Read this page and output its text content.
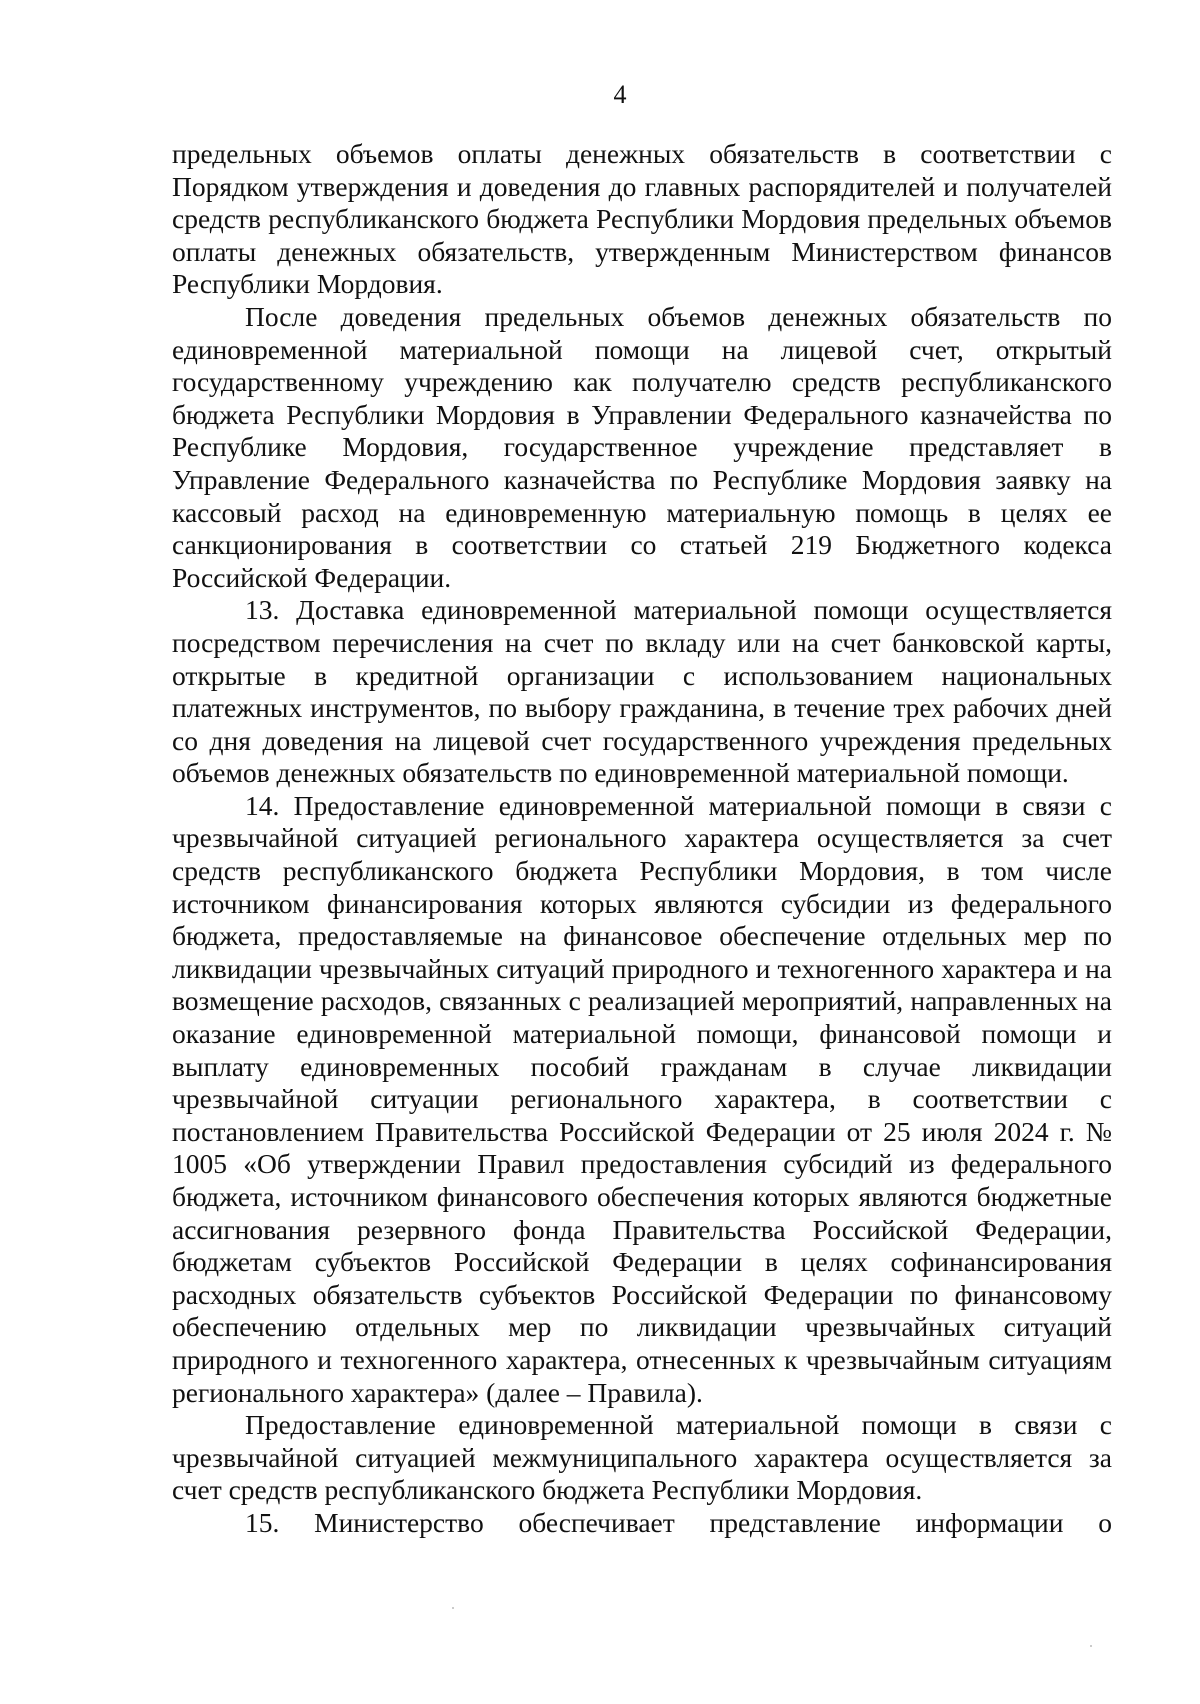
4

предельных объемов оплаты денежных обязательств в соответствии с Порядком утверждения и доведения до главных распорядителей и получателей средств республиканского бюджета Республики Мордовия предельных объемов оплаты денежных обязательств, утвержденным Министерством финансов Республики Мордовия.

После доведения предельных объемов денежных обязательств по единовременной материальной помощи на лицевой счет, открытый государственному учреждению как получателю средств республиканского бюджета Республики Мордовия в Управлении Федерального казначейства по Республике Мордовия, государственное учреждение представляет в Управление Федерального казначейства по Республике Мордовия заявку на кассовый расход на единовременную материальную помощь в целях ее санкционирования в соответствии со статьей 219 Бюджетного кодекса Российской Федерации.

13. Доставка единовременной материальной помощи осуществляется посредством перечисления на счет по вкладу или на счет банковской карты, открытые в кредитной организации с использованием национальных платежных инструментов, по выбору гражданина, в течение трех рабочих дней со дня доведения на лицевой счет государственного учреждения предельных объемов денежных обязательств по единовременной материальной помощи.

14. Предоставление единовременной материальной помощи в связи с чрезвычайной ситуацией регионального характера осуществляется за счет средств республиканского бюджета Республики Мордовия, в том числе источником финансирования которых являются субсидии из федерального бюджета, предоставляемые на финансовое обеспечение отдельных мер по ликвидации чрезвычайных ситуаций природного и техногенного характера и на возмещение расходов, связанных с реализацией мероприятий, направленных на оказание единовременной материальной помощи, финансовой помощи и выплату единовременных пособий гражданам в случае ликвидации чрезвычайной ситуации регионального характера, в соответствии с постановлением Правительства Российской Федерации от 25 июля 2024 г. № 1005 «Об утверждении Правил предоставления субсидий из федерального бюджета, источником финансового обеспечения которых являются бюджетные ассигнования резервного фонда Правительства Российской Федерации, бюджетам субъектов Российской Федерации в целях софинансирования расходных обязательств субъектов Российской Федерации по финансовому обеспечению отдельных мер по ликвидации чрезвычайных ситуаций природного и техногенного характера, отнесенных к чрезвычайным ситуациям регионального характера» (далее – Правила).

Предоставление единовременной материальной помощи в связи с чрезвычайной ситуацией межмуниципального характера осуществляется за счет средств республиканского бюджета Республики Мордовия.

15. Министерство обеспечивает представление информации о
